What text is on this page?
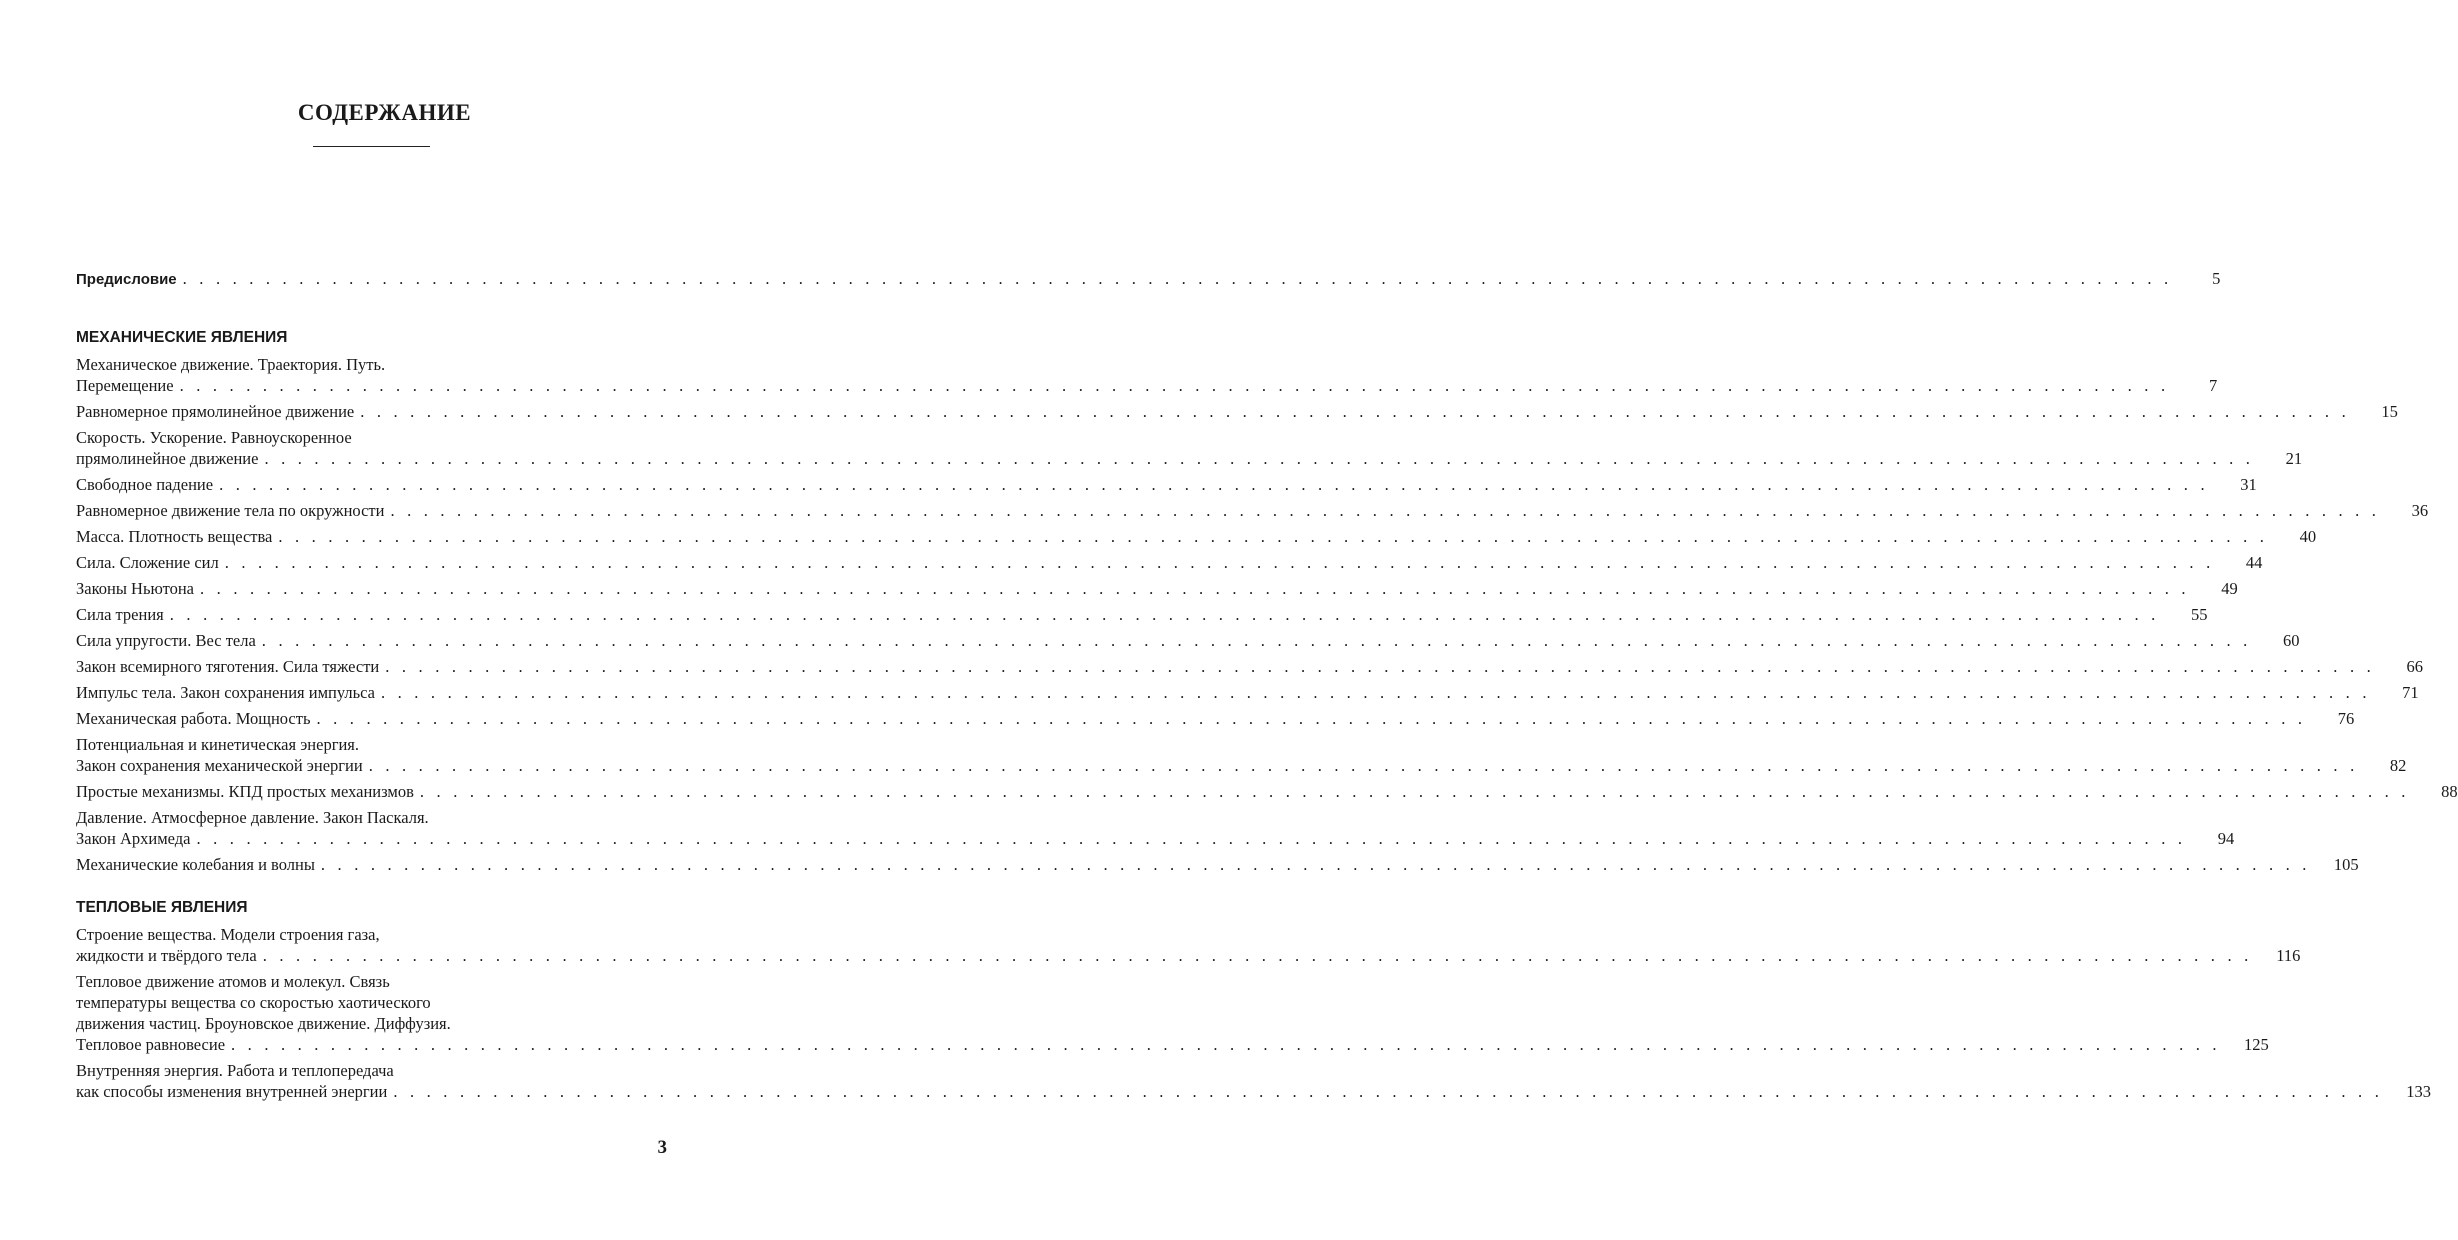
СОДЕРЖАНИЕ
Предисловие . . . . . . . . . . . . . . . . . . . . . . . . . . . . . . . . . . . . . . . . . . . . . . . . . . . . . . . . . . . . . . . . . . . . . . . . . . . . . . . . . . . . . . . . . . . . . . . . . . . . . . . . . . . . . . . . . . . . . . . .	5
МЕХАНИЧЕСКИЕ ЯВЛЕНИЯ
Механическое движение. Траектория. Путь.
Перемещение . . . . . . . . . . . . . . . . . . . . . . . . . . . . . . . . . . . . . . . . . . . . . . . . . . . . . . . . . . . . . . . . . . . . . . . . . . . . . . . . . . . . . . . . . . . . . . . . . . . . . . . . . . . . . . . . . . . . . . . .	7
Равномерное прямолинейное движение . . . . . . . . . . . . . . . . . . . . . . . . . . . . . . . . . . . . . . . . . . . . . . . . . . . . . . . . . . . . . . . . . . . . . . . . . . . . . . . . . . . . . . . . . . . . . . . . . . . . . . . . . . . . . . . . . . . . . . . .	15
Скорость. Ускорение. Равноускоренное
прямолинейное движение . . . . . . . . . . . . . . . . . . . . . . . . . . . . . . . . . . . . . . . . . . . . . . . . . . . . . . . . . . . . . . . . . . . . . . . . . . . . . . . . . . . . . . . . . . . . . . . . . . . . . . . . . . . . . . . . . . . . . . . .	21
Свободное падение . . . . . . . . . . . . . . . . . . . . . . . . . . . . . . . . . . . . . . . . . . . . . . . . . . . . . . . . . . . . . . . . . . . . . . . . . . . . . . . . . . . . . . . . . . . . . . . . . . . . . . . . . . . . . . . . . . . . . . . .	31
Равномерное движение тела по окружности . . . . . . . . . . . . . . . . . . . . . . . . . . . . . . . . . . . . . . . . . . . . . . . . . . . . . . . . . . . . . . . . . . . . . . . . . . . . . . . . . . . . . . . . . . . . . . . . . . . . . . . . . . . . . . . . . . . . . . . .	36
Масса. Плотность вещества . . . . . . . . . . . . . . . . . . . . . . . . . . . . . . . . . . . . . . . . . . . . . . . . . . . . . . . . . . . . . . . . . . . . . . . . . . . . . . . . . . . . . . . . . . . . . . . . . . . . . . . . . . . . . . . . . . . . . . . .	40
Сила. Сложение сил . . . . . . . . . . . . . . . . . . . . . . . . . . . . . . . . . . . . . . . . . . . . . . . . . . . . . . . . . . . . . . . . . . . . . . . . . . . . . . . . . . . . . . . . . . . . . . . . . . . . . . . . . . . . . . . . . . . . . . . .	44
Законы Ньютона . . . . . . . . . . . . . . . . . . . . . . . . . . . . . . . . . . . . . . . . . . . . . . . . . . . . . . . . . . . . . . . . . . . . . . . . . . . . . . . . . . . . . . . . . . . . . . . . . . . . . . . . . . . . . . . . . . . . . . . .	49
Сила трения . . . . . . . . . . . . . . . . . . . . . . . . . . . . . . . . . . . . . . . . . . . . . . . . . . . . . . . . . . . . . . . . . . . . . . . . . . . . . . . . . . . . . . . . . . . . . . . . . . . . . . . . . . . . . . . . . . . . . . . .	55
Сила упругости. Вес тела . . . . . . . . . . . . . . . . . . . . . . . . . . . . . . . . . . . . . . . . . . . . . . . . . . . . . . . . . . . . . . . . . . . . . . . . . . . . . . . . . . . . . . . . . . . . . . . . . . . . . . . . . . . . . . . . . . . . . . . .	60
Закон всемирного тяготения. Сила тяжести . . . . . . . . . . . . . . . . . . . . . . . . . . . . . . . . . . . . . . . . . . . . . . . . . . . . . . . . . . . . . . . . . . . . . . . . . . . . . . . . . . . . . . . . . . . . . . . . . . . . . . . . . . . . . . . . . . . . . . . .	66
Импульс тела. Закон сохранения импульса . . . . . . . . . . . . . . . . . . . . . . . . . . . . . . . . . . . . . . . . . . . . . . . . . . . . . . . . . . . . . . . . . . . . . . . . . . . . . . . . . . . . . . . . . . . . . . . . . . . . . . . . . . . . . . . . . . . . . . . .	71
Механическая работа. Мощность . . . . . . . . . . . . . . . . . . . . . . . . . . . . . . . . . . . . . . . . . . . . . . . . . . . . . . . . . . . . . . . . . . . . . . . . . . . . . . . . . . . . . . . . . . . . . . . . . . . . . . . . . . . . . . . . . . . . . . . .	76
Потенциальная и кинетическая энергия.
Закон сохранения механической энергии . . . . . . . . . . . . . . . . . . . . . . . . . . . . . . . . . . . . . . . . . . . . . . . . . . . . . . . . . . . . . . . . . . . . . . . . . . . . . . . . . . . . . . . . . . . . . . . . . . . . . . . . . . . . . . . . . . . . . . . .	82
Простые механизмы. КПД простых механизмов . . . . . . . . . . . . . . . . . . . . . . . . . . . . . . . . . . . . . . . . . . . . . . . . . . . . . . . . . . . . . . . . . . . . . . . . . . . . . . . . . . . . . . . . . . . . . . . . . . . . . . . . . . . . . . . . . . . . . . . .	88
Давление. Атмосферное давление. Закон Паскаля.
Закон Архимеда . . . . . . . . . . . . . . . . . . . . . . . . . . . . . . . . . . . . . . . . . . . . . . . . . . . . . . . . . . . . . . . . . . . . . . . . . . . . . . . . . . . . . . . . . . . . . . . . . . . . . . . . . . . . . . . . . . . . . . . .	94
Механические колебания и волны . . . . . . . . . . . . . . . . . . . . . . . . . . . . . . . . . . . . . . . . . . . . . . . . . . . . . . . . . . . . . . . . . . . . . . . . . . . . . . . . . . . . . . . . . . . . . . . . . . . . . . . . . . . . . . . . . . . . . . . .	105
ТЕПЛОВЫЕ ЯВЛЕНИЯ
Строение вещества. Модели строения газа,
жидкости и твёрдого тела . . . . . . . . . . . . . . . . . . . . . . . . . . . . . . . . . . . . . . . . . . . . . . . . . . . . . . . . . . . . . . . . . . . . . . . . . . . . . . . . . . . . . . . . . . . . . . . . . . . . . . . . . . . . . . . . . . . . . . . .	116
Тепловое движение атомов и молекул. Связь
температуры вещества со скоростью хаотического
движения частиц. Броуновское движение. Диффузия.
Тепловое равновесие . . . . . . . . . . . . . . . . . . . . . . . . . . . . . . . . . . . . . . . . . . . . . . . . . . . . . . . . . . . . . . . . . . . . . . . . . . . . . . . . . . . . . . . . . . . . . . . . . . . . . . . . . . . . . . . . . . . . . . . .	125
Внутренняя энергия. Работа и теплопередача
как способы изменения внутренней энергии . . . . . . . . . . . . . . . . . . . . . . . . . . . . . . . . . . . . . . . . . . . . . . . . . . . . . . . . . . . . . . . . . . . . . . . . . . . . . . . . . . . . . . . . . . . . . . . . . . . . . . . . . . . . . . . . . . . . . . . .	133
3
